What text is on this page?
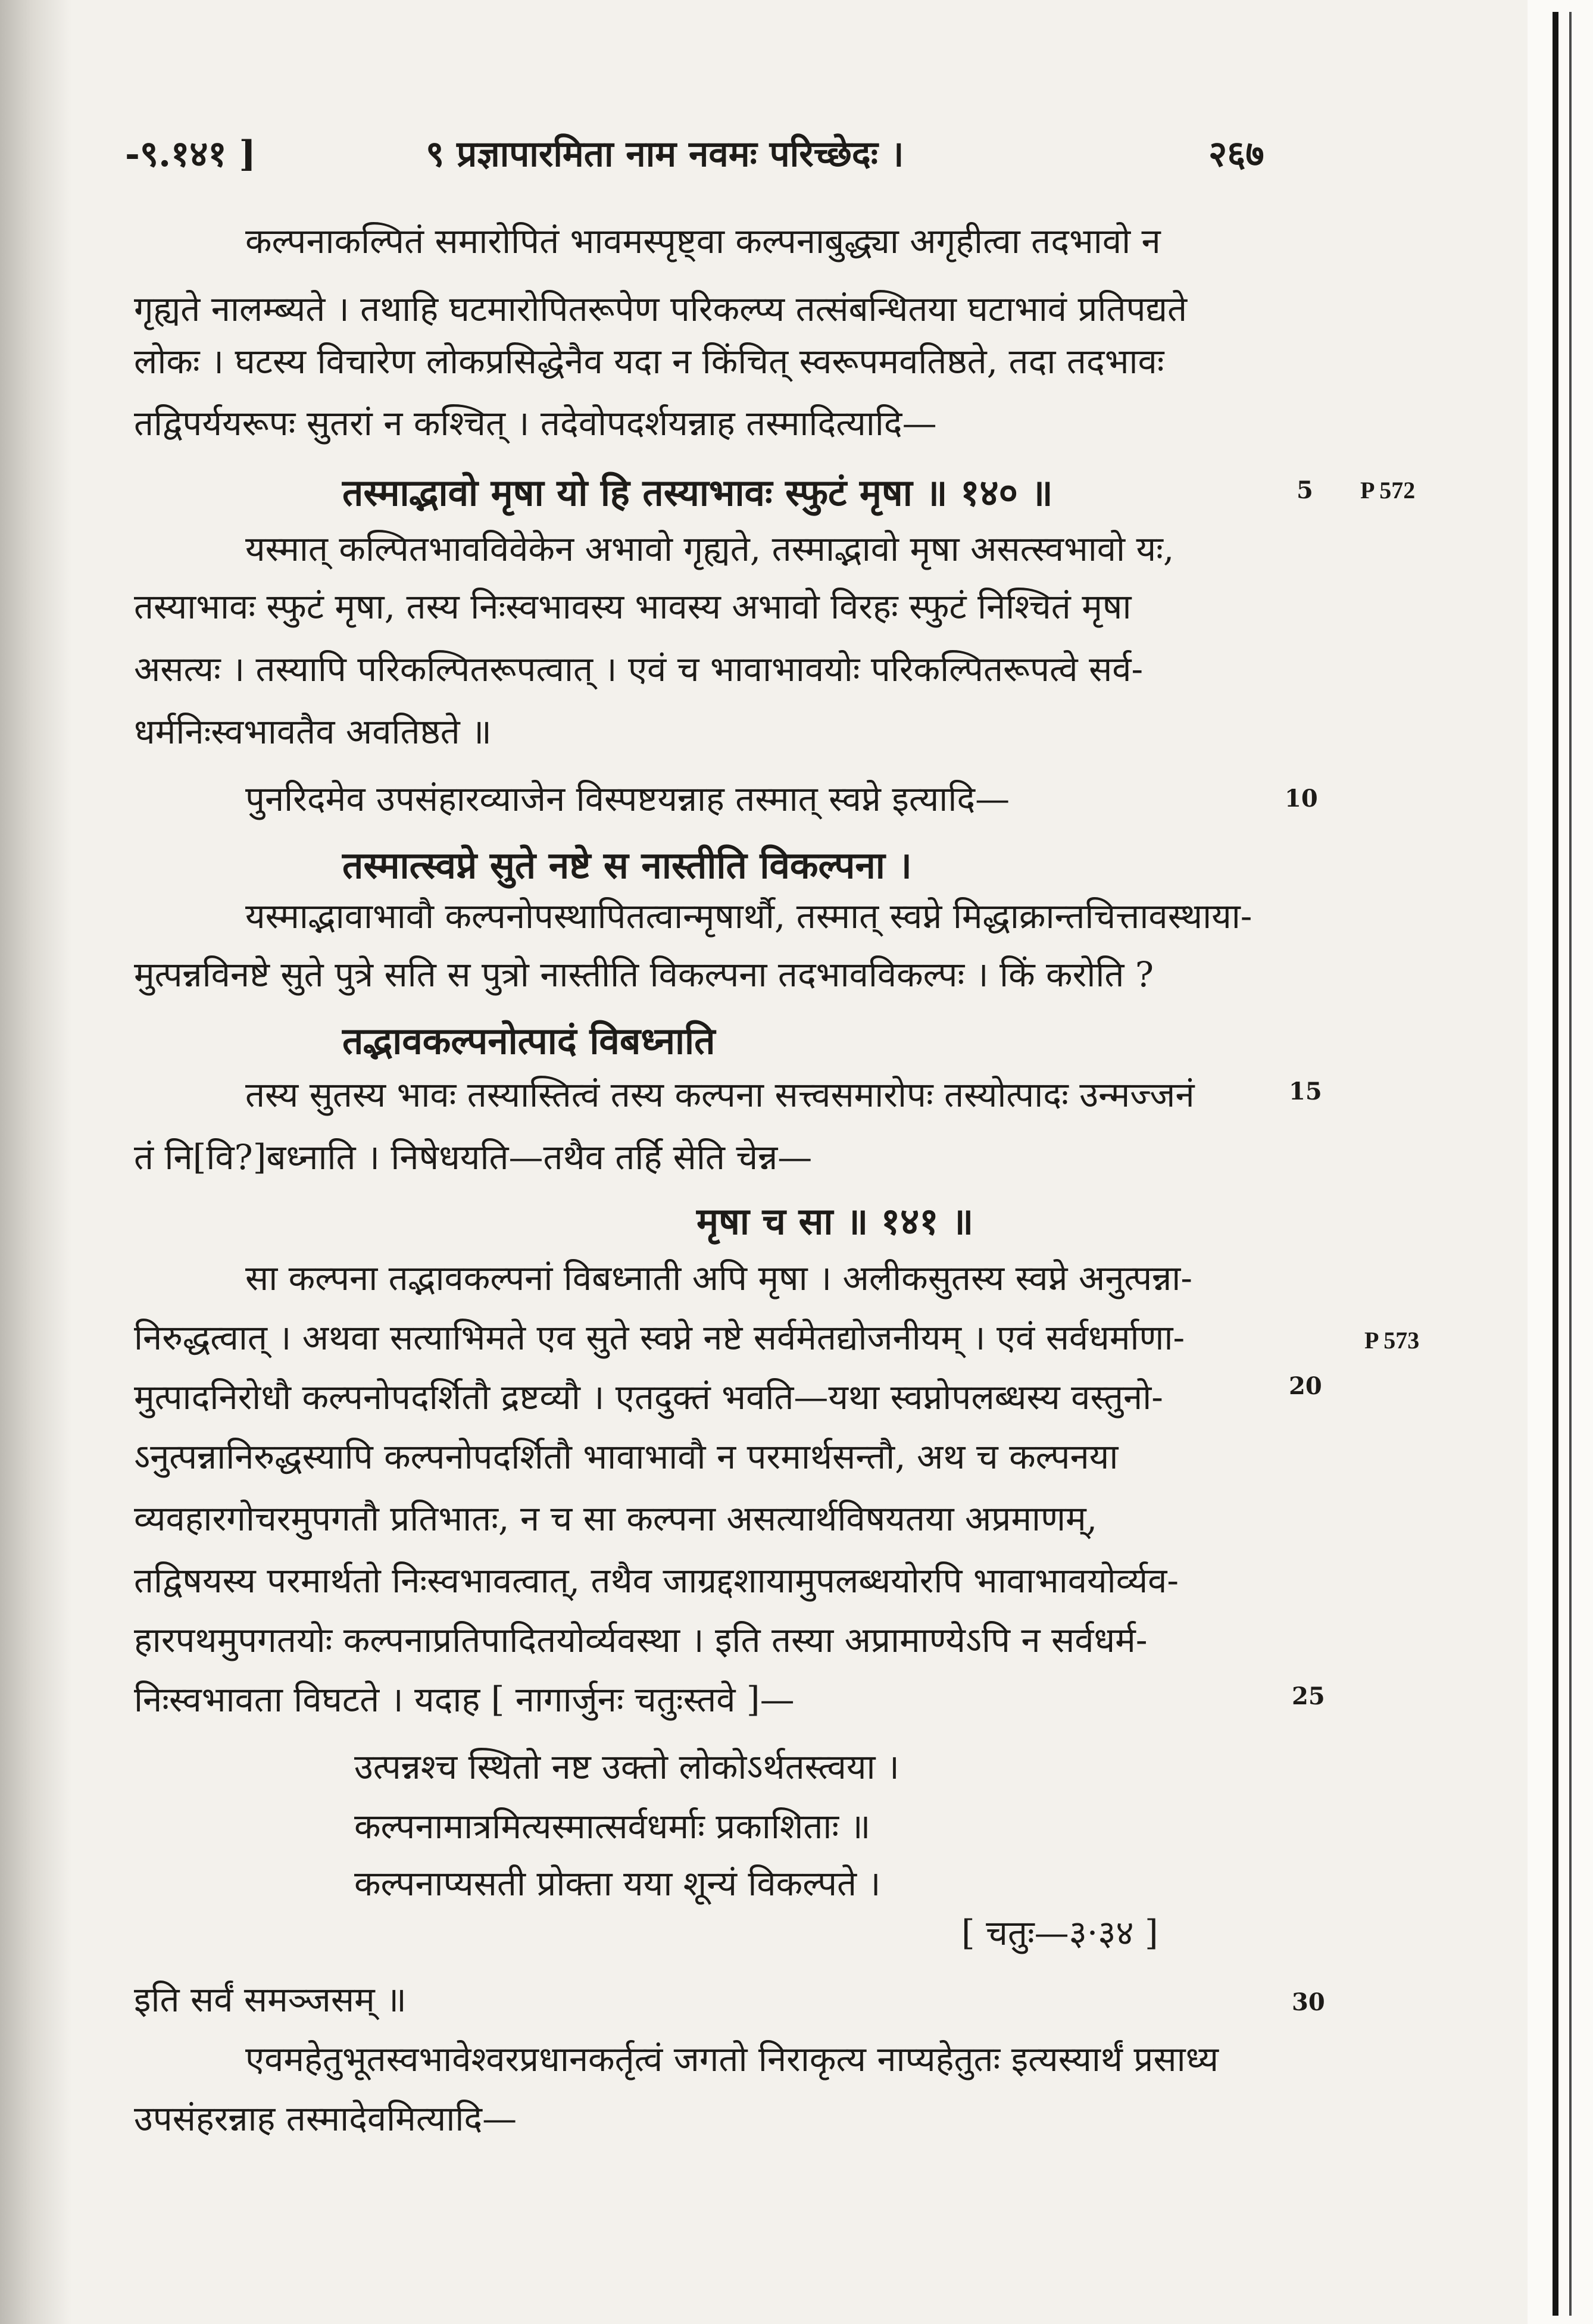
-९.१४१ ]	९ प्रज्ञापारमिता नाम नवमः परिच्छेदः ।	२६७
कल्पनाकल्पितं समारोपितं भावमस्पृष्ट्वा कल्पनाबुद्ध्या अगृहीत्वा तदभावो न
गृह्यते नालम्ब्यते । तथाहि घटमारोपितरूपेण परिकल्प्य तत्संबन्धितया घटाभावं प्रतिपद्यते
लोकः । घटस्य विचारेण लोकप्रसिद्धेनैव यदा न किंचित् स्वरूपमवतिष्ठते, तदा तदभावः
तद्विपर्ययरूपः सुतरां न कश्चित् । तदेवोपदर्शयन्नाह तस्मादित्यादि—
तस्माद्भावो मृषा यो हि तस्याभावः स्फुटं मृषा ॥ १४० ॥
यस्मात् कल्पितभावविवेकेन अभावो गृह्यते, तस्माद्भावो मृषा असत्स्वभावो यः,
तस्याभावः स्फुटं मृषा, तस्य निःस्वभावस्य भावस्य अभावो विरहः स्फुटं निश्चितं मृषा
असत्यः । तस्यापि परिकल्पितरूपत्वात् । एवं च भावाभावयोः परिकल्पितरूपत्वे सर्व-
धर्मनिःस्वभावतैव अवतिष्ठते ॥
पुनरिदमेव उपसंहारव्याजेन विस्पष्टयन्नाह तस्मात् स्वप्ने इत्यादि—
तस्मात्स्वप्ने सुते नष्टे स नास्तीति विकल्पना ।
यस्माद्भावाभावौ कल्पनोपस्थापितत्वान्मृषार्थौ, तस्मात् स्वप्ने मिद्धाक्रान्तचित्तावस्थाया-
मुत्पन्नविनष्टे सुते पुत्रे सति स पुत्रो नास्तीति विकल्पना तदभावविकल्पः । किं करोति ?
तद्भावकल्पनोत्पादं विबध्नाति
तस्य सुतस्य भावः तस्यास्तित्वं तस्य कल्पना सत्त्वसमारोपः तस्योत्पादः उन्मज्जनं
तं नि[वि?]बध्नाति । निषेधयति—तथैव तर्हि सेति चेन्न—
मृषा च सा ॥ १४१ ॥
सा कल्पना तद्भावकल्पनां विबध्नाती अपि मृषा । अलीकसुतस्य स्वप्ने अनुत्पन्ना-
निरुद्धत्वात् । अथवा सत्याभिमते एव सुते स्वप्ने नष्टे सर्वमेतद्योजनीयम् । एवं सर्वधर्माणा-
मुत्पादनिरोधौ कल्पनोपदर्शितौ द्रष्टव्यौ । एतदुक्तं भवति—यथा स्वप्नोपलब्धस्य वस्तुनो-
ऽनुत्पन्नानिरुद्धस्यापि कल्पनोपदर्शितौ भावाभावौ न परमार्थसन्तौ, अथ च कल्पनया
व्यवहारगोचरमुपगतौ प्रतिभातः, न च सा कल्पना असत्यार्थविषयतया अप्रमाणम्,
तद्विषयस्य परमार्थतो निःस्वभावत्वात्, तथैव जाग्रद्दशायामुपलब्धयोरपि भावाभावयोर्व्यव-
हारपथमुपगतयोः कल्पनाप्रतिपादितयोर्व्यवस्था । इति तस्या अप्रामाण्येऽपि न सर्वधर्म-
निःस्वभावता विघटते । यदाह [ नागार्जुनः चतुःस्तवे ]—
उत्पन्नश्च स्थितो नष्ट उक्तो लोकोऽर्थतस्त्वया ।
कल्पनामात्रमित्यस्मात्सर्वधर्माः प्रकाशिताः ॥
कल्पनाप्यसती प्रोक्ता यया शून्यं विकल्पते ।
[ चतुः—३·३४ ]
इति सर्वं समञ्जसम् ॥
एवमहेतुभूतस्वभावेश्वरप्रधानकर्तृत्वं जगतो निराकृत्य नाप्यहेतुतः इत्यस्यार्थं प्रसाध्य
उपसंहरन्नाह तस्मादेवमित्यादि—
5
10
15
20
25
30
P 572
P 573
